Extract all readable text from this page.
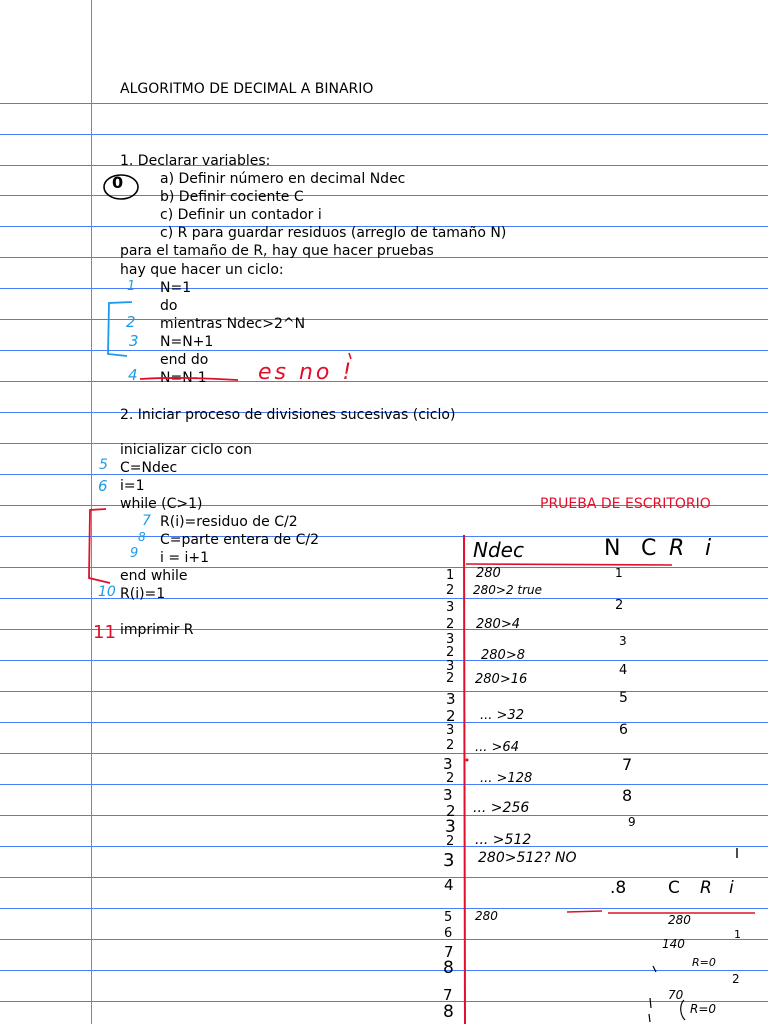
ALGORITMO DE DECIMAL A BINARIO
1. Declarar variables:
a) Definir número en decimal Ndec
b) Definir cociente C
c) Definir un contador i
c) R para guardar residuos (arreglo de tamaño N)
para el tamaño de R, hay que hacer pruebas
hay que hacer un ciclo:
N=1
do
mientras Ndec>2^N
N=N+1
end do
N=N-1
2. Iniciar proceso de divisiones sucesivas (ciclo)
inicializar ciclo con
C=Ndec
i=1
while (C>1)
R(i)=residuo de C/2
C=parte entera de C/2
i = i+1
end while
R(i)=1
imprimir R
PRUEBA DE ESCRITORIO
1
2
3
4
5
6
7
8
9
10
11
es no !
0
Ndec	N C R i
1
2
3
2
3
2
3
2
3
2
3
2
3
2
3
2
3
2
3
4
5
6
7
8
7
8
280
280>2 true
280>4
280>8
280>16
... >32
... >64
... >128
... >256
... >512
280>512? NO
280
1
2
3
4
5
6
7
8
9
.8 C R i
280
140
70
R=0
R=0
1
2
